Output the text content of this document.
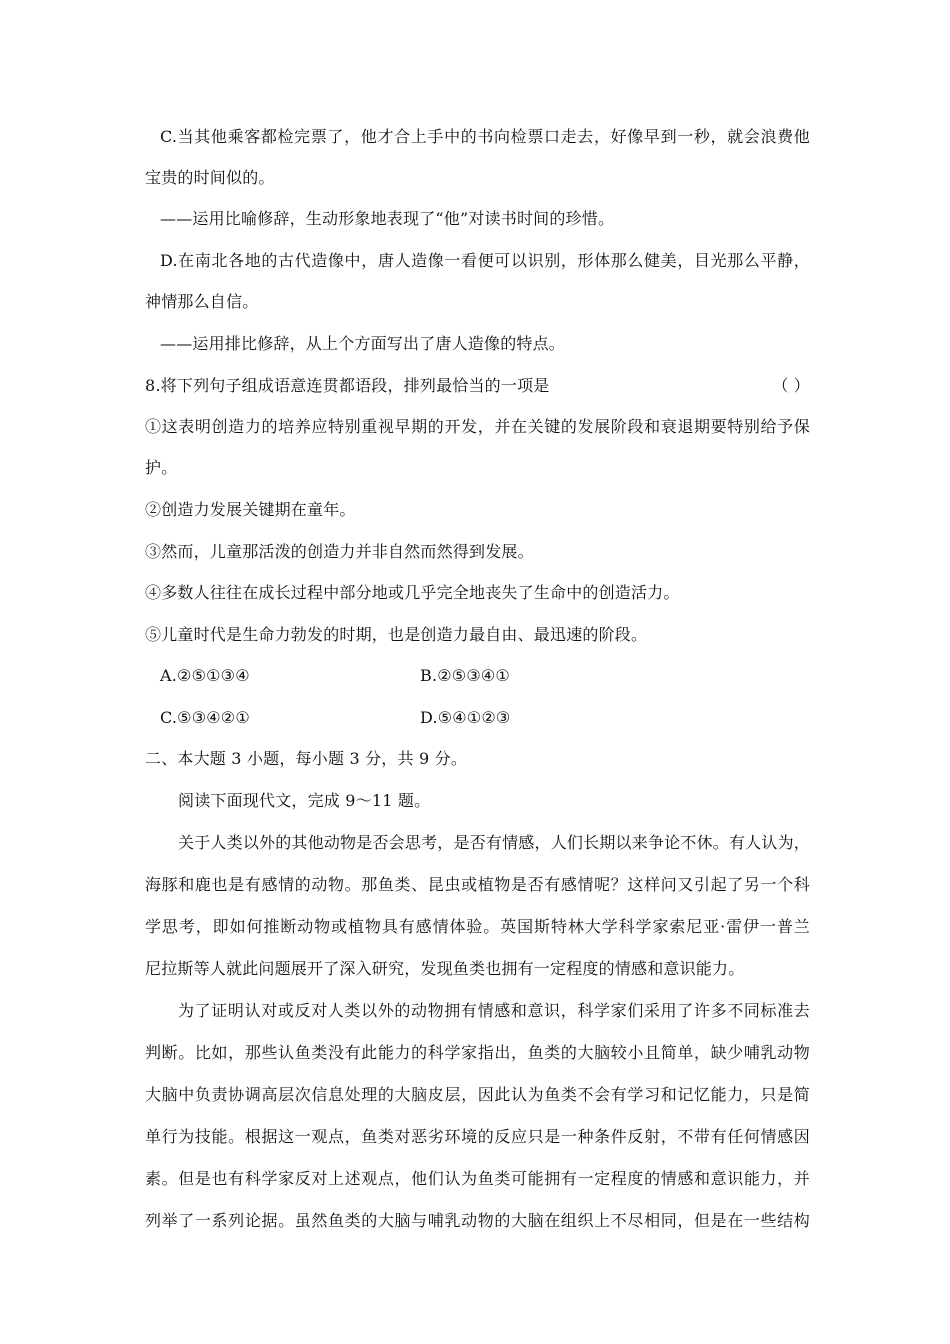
C.当其他乘客都检完票了，他才合上手中的书向检票口走去，好像早到一秒，就会浪费他
宝贵的时间似的。
——运用比喻修辞，生动形象地表现了“他”对读书时间的珍惜。
D.在南北各地的古代造像中，唐人造像一看便可以识别，形体那么健美，目光那么平静，
神情那么自信。
——运用排比修辞，从上个方面写出了唐人造像的特点。
8.将下列句子组成语意连贯都语段，排列最恰当的一项是	（ ）
①这表明创造力的培养应特别重视早期的开发，并在关键的发展阶段和衰退期要特别给予保
护。
②创造力发展关键期在童年。
③然而，儿童那活泼的创造力并非自然而然得到发展。
④多数人往往在成长过程中部分地或几乎完全地丧失了生命中的创造活力。
⑤儿童时代是生命力勃发的时期，也是创造力最自由、最迅速的阶段。
A.②⑤①③④	B.②⑤③④①
C.⑤③④②①	D.⑤④①②③
二、本大题 3 小题，每小题 3 分，共 9 分。
阅读下面现代文，完成 9～11 题。
关于人类以外的其他动物是否会思考，是否有情感，人们长期以来争论不休。有人认为，
海豚和鹿也是有感情的动物。那鱼类、昆虫或植物是否有感情呢？这样问又引起了另一个科
学思考，即如何推断动物或植物具有感情体验。英国斯特林大学科学家索尼亚·雷伊一普兰
尼拉斯等人就此问题展开了深入研究，发现鱼类也拥有一定程度的情感和意识能力。
为了证明认对或反对人类以外的动物拥有情感和意识，科学家们采用了许多不同标准去
判断。比如，那些认鱼类没有此能力的科学家指出，鱼类的大脑较小且简单，缺少哺乳动物
大脑中负责协调高层次信息处理的大脑皮层，因此认为鱼类不会有学习和记忆能力，只是简
单行为技能。根据这一观点，鱼类对恶劣环境的反应只是一种条件反射，不带有任何情感因
素。但是也有科学家反对上述观点，他们认为鱼类可能拥有一定程度的情感和意识能力，并
列举了一系列论据。虽然鱼类的大脑与哺乳动物的大脑在组织上不尽相同，但是在一些结构
